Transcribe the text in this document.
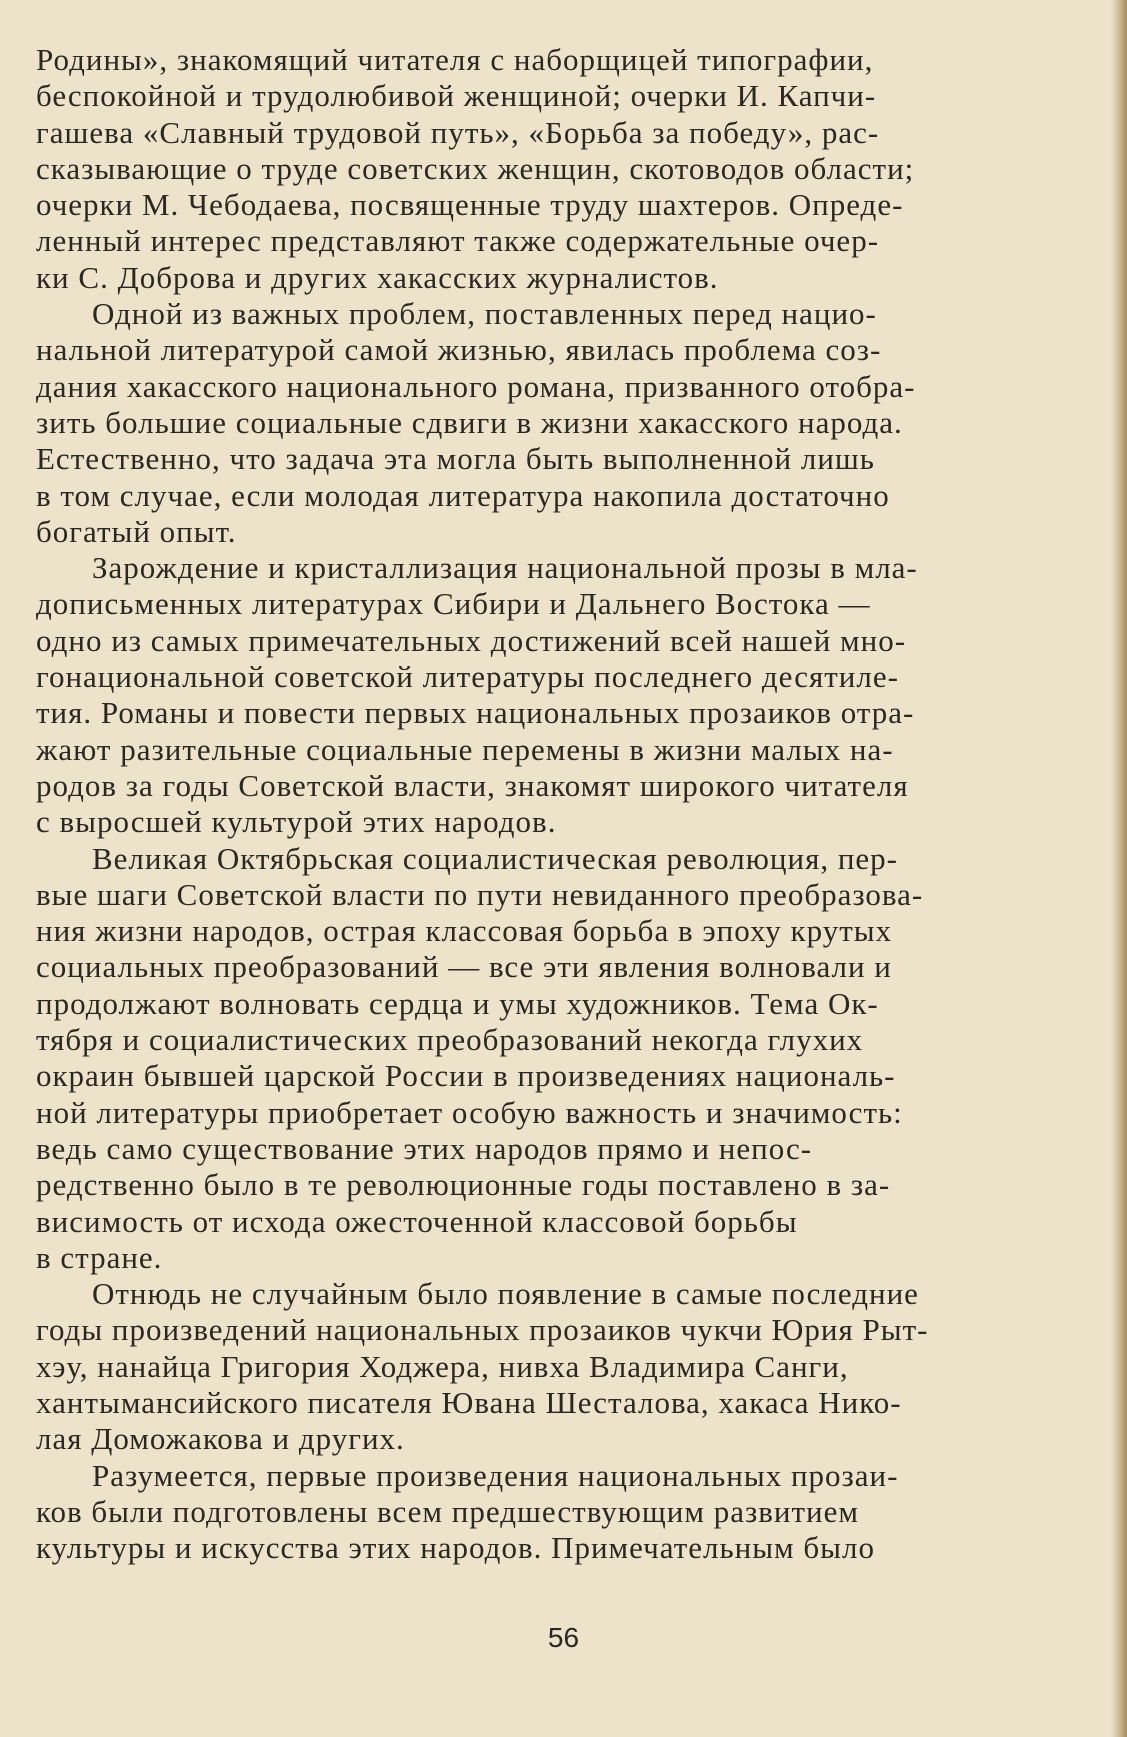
Родины», знакомящий читателя с наборщицей типографии,
беспокойной и трудолюбивой женщиной; очерки И. Капчи-
гашева «Славный трудовой путь», «Борьба за победу», рас-
сказывающие о труде советских женщин, скотоводов области;
очерки М. Чебодаева, посвященные труду шахтеров. Опреде-
ленный интерес представляют также содержательные очер-
ки С. Доброва и других хакасских журналистов.
Одной из важных проблем, поставленных перед нацио-
нальной литературой самой жизнью, явилась проблема соз-
дания хакасского национального романа, призванного отобра-
зить большие социальные сдвиги в жизни хакасского народа.
Естественно, что задача эта могла быть выполненной лишь
в том случае, если молодая литература накопила достаточно
богатый опыт.
Зарождение и кристаллизация национальной прозы в мла-
дописьменных литературах Сибири и Дальнего Востока —
одно из самых примечательных достижений всей нашей мно-
гонациональной советской литературы последнего десятиле-
тия. Романы и повести первых национальных прозаиков отра-
жают разительные социальные перемены в жизни малых на-
родов за годы Советской власти, знакомят широкого читателя
с выросшей культурой этих народов.
Великая Октябрьская социалистическая революция, пер-
вые шаги Советской власти по пути невиданного преобразова-
ния жизни народов, острая классовая борьба в эпоху крутых
социальных преобразований — все эти явления волновали и
продолжают волновать сердца и умы художников. Тема Ок-
тября и социалистических преобразований некогда глухих
окраин бывшей царской России в произведениях националь-
ной литературы приобретает особую важность и значимость:
ведь само существование этих народов прямо и непос-
редственно было в те революционные годы поставлено в за-
висимость от исхода ожесточенной классовой борьбы
в стране.
Отнюдь не случайным было появление в самые последние
годы произведений национальных прозаиков чукчи Юрия Рыт-
хэу, нанайца Григория Ходжера, нивха Владимира Санги,
хантымансийского писателя Ювана Шесталова, хакаса Нико-
лая Доможакова и других.
Разумеется, первые произведения национальных прозаи-
ков были подготовлены всем предшествующим развитием
культуры и искусства этих народов. Примечательным было
56
